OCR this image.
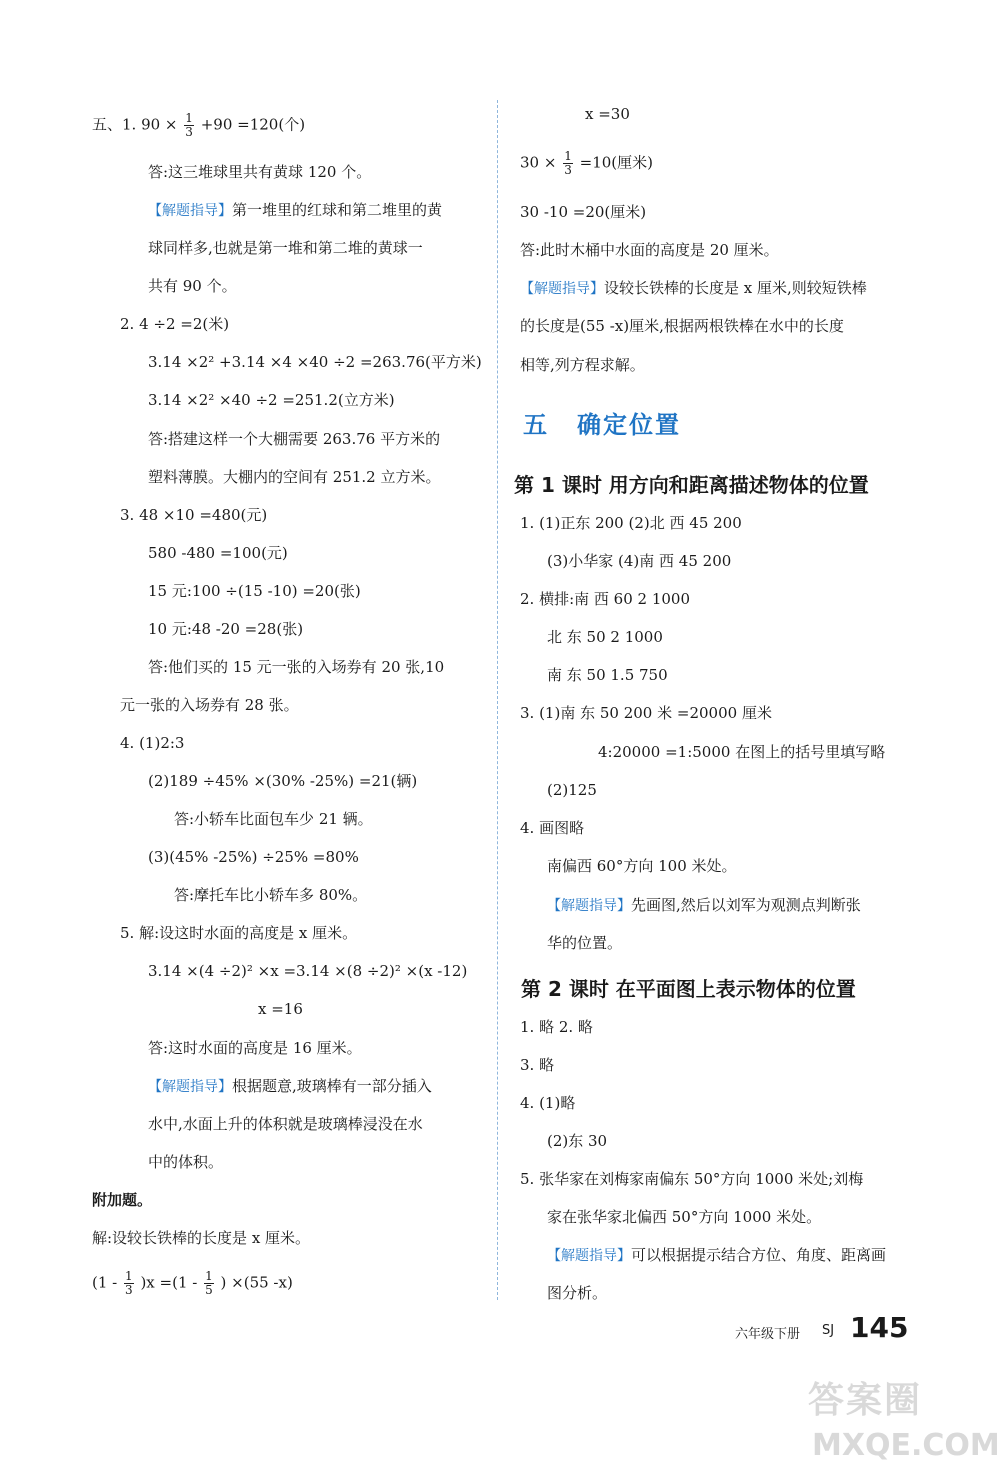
五、1. $90 \times \frac{1}{3} +90 =120$(个)
答:这三堆球里共有黄球 120 个。
【解题指导】第一堆里的红球和第二堆里的黄
球同样多,也就是第一堆和第二堆的黄球一
共有 90 个。
2. 4 ÷2 =2(米)
3.14 ×2² +3.14 ×4 ×40 ÷2 =263.76(平方米)
3.14 ×2² ×40 ÷2 =251.2(立方米)
答:搭建这样一个大棚需要 263.76 平方米的
塑料薄膜。大棚内的空间有 251.2 立方米。
3. 48 ×10 =480(元)
580 -480 =100(元)
15 元:100 ÷(15 -10) =20(张)
10 元:48 -20 =28(张)
答:他们买的 15 元一张的入场券有 20 张,10
元一张的入场券有 28 张。
4. (1)2:3
(2)189 ÷45% ×(30% -25%) =21(辆)
答:小轿车比面包车少 21 辆。
(3)(45% -25%) ÷25% =80%
答:摩托车比小轿车多 80%。
5. 解:设这时水面的高度是 x 厘米。
3.14 ×(4 ÷2)² ×x =3.14 ×(8 ÷2)² ×(x -12)
x =16
答:这时水面的高度是 16 厘米。
【解题指导】根据题意,玻璃棒有一部分插入
水中,水面上升的体积就是玻璃棒浸没在水
中的体积。
附加题。
解:设较长铁棒的长度是 x 厘米。
$(1 - \frac{1}{3} )x =(1 - \frac{1}{5}$ ) ×(55 -x)
x =30
$30 \times \frac{1}{3} =10$(厘米)
30 -10 =20(厘米)
答:此时木桶中水面的高度是 20 厘米。
【解题指导】设较长铁棒的长度是 x 厘米,则较短铁棒
的长度是(55 -x)厘米,根据两根铁棒在水中的长度
相等,列方程求解。
五 确定位置
第 1 课时 用方向和距离描述物体的位置
1. (1)正东 200 (2)北 西 45 200
(3)小华家 (4)南 西 45 200
2. 横排:南 西 60 2 1000
北 东 50 2 1000
南 东 50 1.5 750
3. (1)南 东 50 200 米 =20000 厘米
4:20000 =1:5000 在图上的括号里填写略
(2)125
4. 画图略
南偏西 60°方向 100 米处。
【解题指导】先画图,然后以刘军为观测点判断张
华的位置。
第 2 课时 在平面图上表示物体的位置
1. 略 2. 略
3. 略
4. (1)略
(2)东 30
5. 张华家在刘梅家南偏东 50°方向 1000 米处;刘梅
家在张华家北偏西 50°方向 1000 米处。
【解题指导】可以根据提示结合方位、角度、距离画
图分析。
六年级下册 SJ 145
答案圈
MXQE.COM
